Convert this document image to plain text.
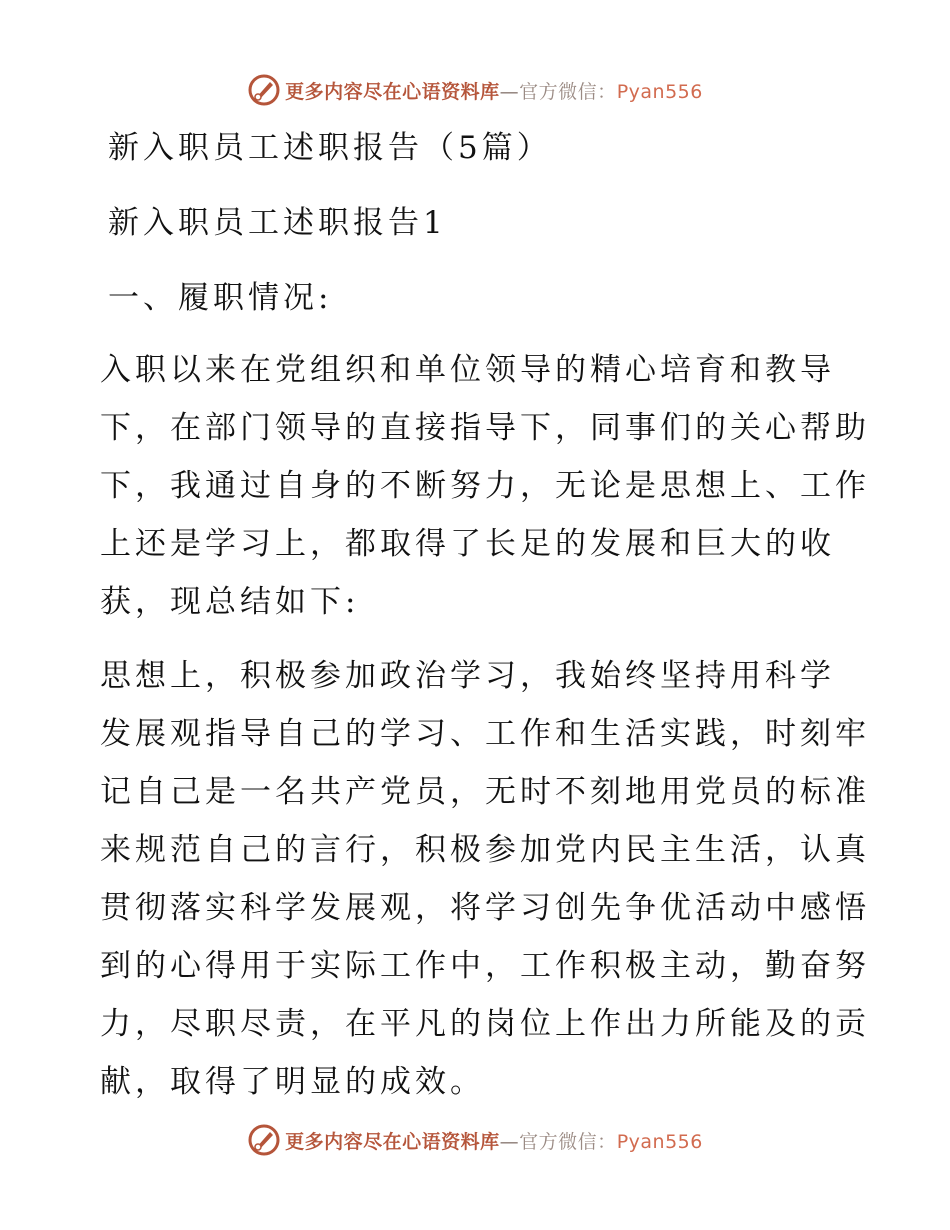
更多内容尽在心语资料库—官方微信：Pyan556
新入职员工述职报告（5篇）
新入职员工述职报告1
一、履职情况:
入职以来在党组织和单位领导的精心培育和教导
下，在部门领导的直接指导下，同事们的关心帮助
下，我通过自身的不断努力，无论是思想上、工作
上还是学习上，都取得了长足的发展和巨大的收
获，现总结如下:
思想上，积极参加政治学习，我始终坚持用科学
发展观指导自己的学习、工作和生活实践，时刻牢
记自己是一名共产党员，无时不刻地用党员的标准
来规范自己的言行，积极参加党内民主生活，认真
贯彻落实科学发展观，将学习创先争优活动中感悟
到的心得用于实际工作中，工作积极主动，勤奋努
力，尽职尽责，在平凡的岗位上作出力所能及的贡
献，取得了明显的成效。
更多内容尽在心语资料库—官方微信：Pyan556
